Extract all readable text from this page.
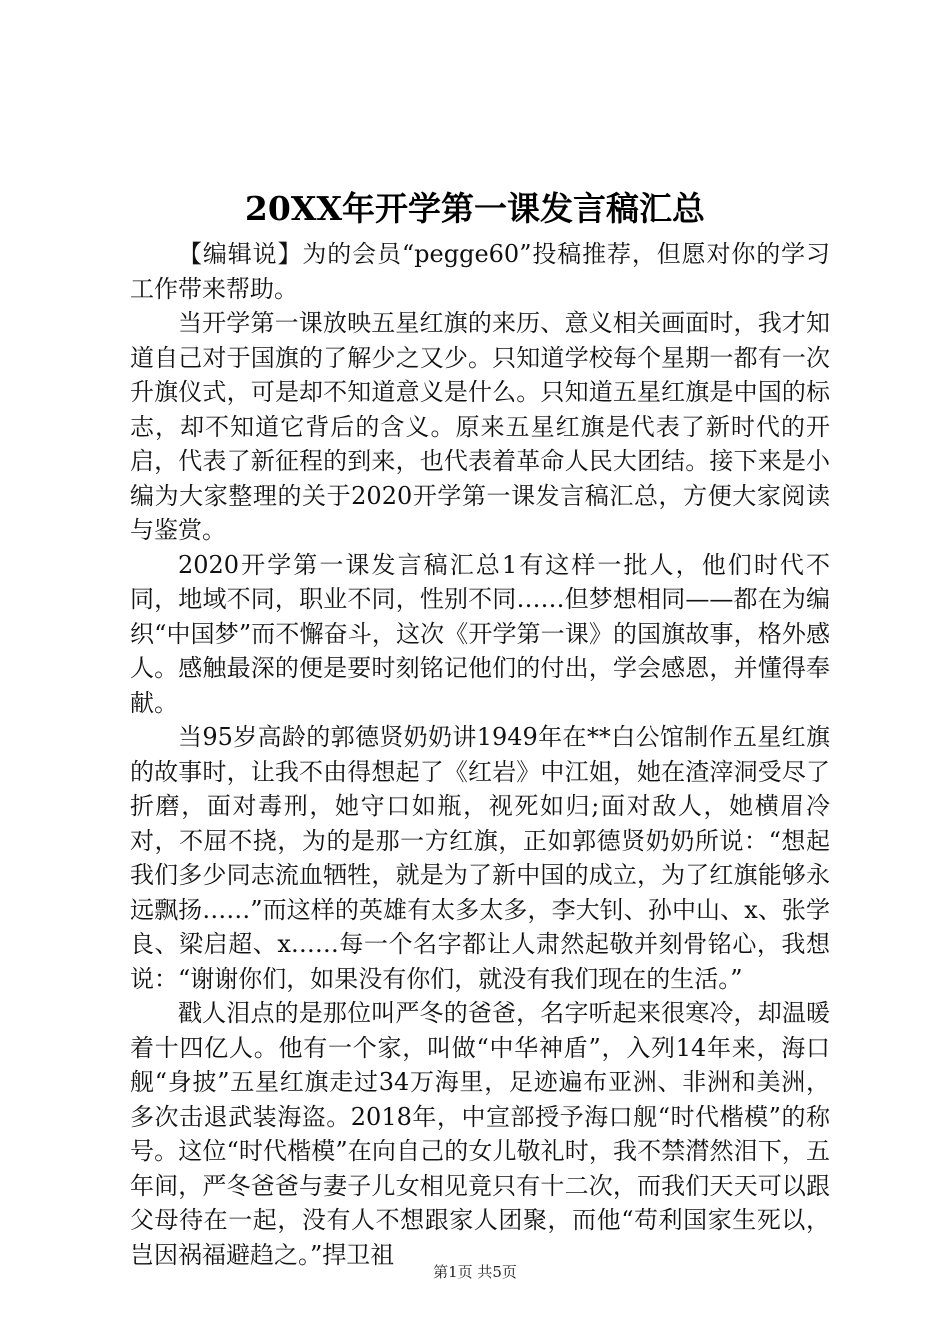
20XX年开学第一课发言稿汇总

【编辑说】为的会员“pegge60”投稿推荐，但愿对你的学习工作带来帮助。

当开学第一课放映五星红旗的来历、意义相关画面时，我才知道自己对于国旗的了解少之又少。只知道学校每个星期一都有一次升旗仪式，可是却不知道意义是什么。只知道五星红旗是中国的标志，却不知道它背后的含义。原来五星红旗是代表了新时代的开启，代表了新征程的到来，也代表着革命人民大团结。接下来是小编为大家整理的关于2020开学第一课发言稿汇总，方便大家阅读与鉴赏。

2020开学第一课发言稿汇总1有这样一批人，他们时代不同，地域不同，职业不同，性别不同……但梦想相同——都在为编织“中国梦”而不懈奋斗，这次《开学第一课》的国旗故事，格外感人。感触最深的便是要时刻铭记他们的付出，学会感恩，并懂得奉献。

当95岁高龄的郭德贤奶奶讲1949年在**白公馆制作五星红旗的故事时，让我不由得想起了《红岩》中江姐，她在渣滓洞受尽了折磨，面对毒刑，她守口如瓶，视死如归;面对敌人，她横眉冷对，不屈不挠，为的是那一方红旗，正如郭德贤奶奶所说：“想起我们多少同志流血牺牲，就是为了新中国的成立，为了红旗能够永远飘扬……”而这样的英雄有太多太多，李大钊、孙中山、x、张学良、梁启超、x……每一个名字都让人肃然起敬并刻骨铭心，我想说：“谢谢你们，如果没有你们，就没有我们现在的生活。”

戳人泪点的是那位叫严冬的爸爸，名字听起来很寒冷，却温暖着十四亿人。他有一个家，叫做“中华神盾”，入列14年来，海口舰“身披”五星红旗走过34万海里，足迹遍布亚洲、非洲和美洲，多次击退武装海盗。2018年，中宣部授予海口舰“时代楷模”的称号。这位“时代楷模”在向自己的女儿敬礼时，我不禁潸然泪下，五年间，严冬爸爸与妻子儿女相见竟只有十二次，而我们天天可以跟父母待在一起，没有人不想跟家人团聚，而他“苟利国家生死以，岂因祸福避趋之。”捍卫祖

第1页 共5页
